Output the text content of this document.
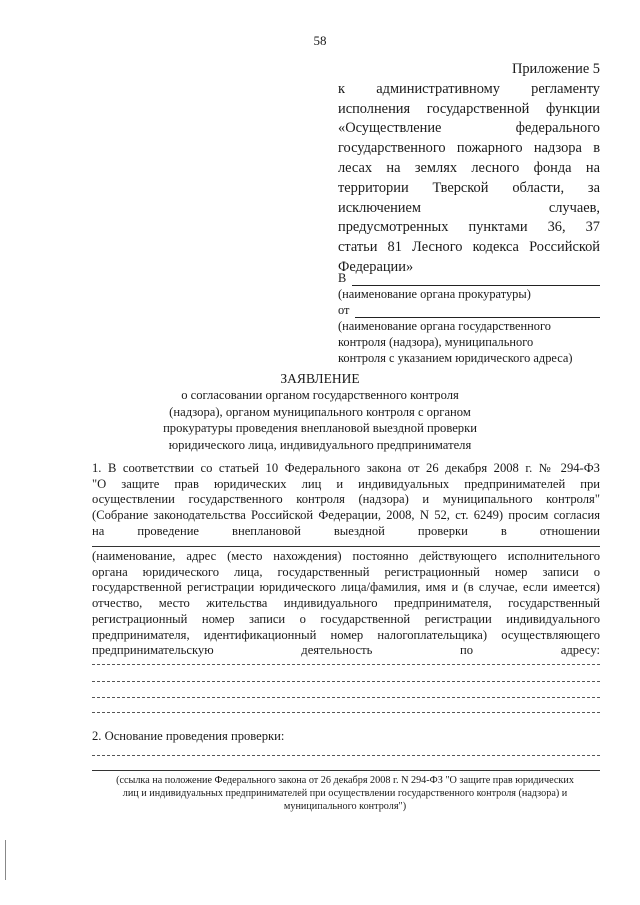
58
Приложение 5
к административному регламенту
исполнения государственной функции
«Осуществление федерального
государственного пожарного надзора в
лесах на землях лесного фонда на
территории Тверской области, за
исключением случаев,
предусмотренных пунктами 36, 37
статьи 81 Лесного кодекса Российской
Федерации»
В
(наименование органа прокуратуры)
от
(наименование органа государственного
контроля (надзора), муниципального
контроля с указанием юридического адреса)
ЗАЯВЛЕНИЕ
о согласовании органом государственного контроля
(надзора), органом муниципального контроля с органом
прокуратуры проведения внеплановой выездной проверки
юридического лица, индивидуального предпринимателя
1. В соответствии со статьей 10 Федерального закона от 26 декабря 2008 г. № 294-ФЗ
"О защите прав юридических лиц и индивидуальных предпринимателей при
осуществлении государственного контроля (надзора) и муниципального контроля"
(Собрание законодательства Российской Федерации, 2008, N 52, ст. 6249) просим согласия
на проведение внеплановой выездной проверки в отношении
(наименование, адрес (место нахождения) постоянно действующего исполнительного
органа юридического лица, государственный регистрационный номер записи о
государственной регистрации юридического лица/фамилия, имя и (в случае, если имеется)
отчество, место жительства индивидуального предпринимателя, государственный
регистрационный номер записи о государственной регистрации индивидуального
предпринимателя, идентификационный номер налогоплательщика) осуществляющего
предпринимательскую деятельность по адресу:
2. Основание проведения проверки:
(ссылка на положение Федерального закона от 26 декабря 2008 г. N 294-ФЗ "О защите прав юридических
лиц и индивидуальных предпринимателей при осуществлении государственного контроля (надзора) и
муниципального контроля")
